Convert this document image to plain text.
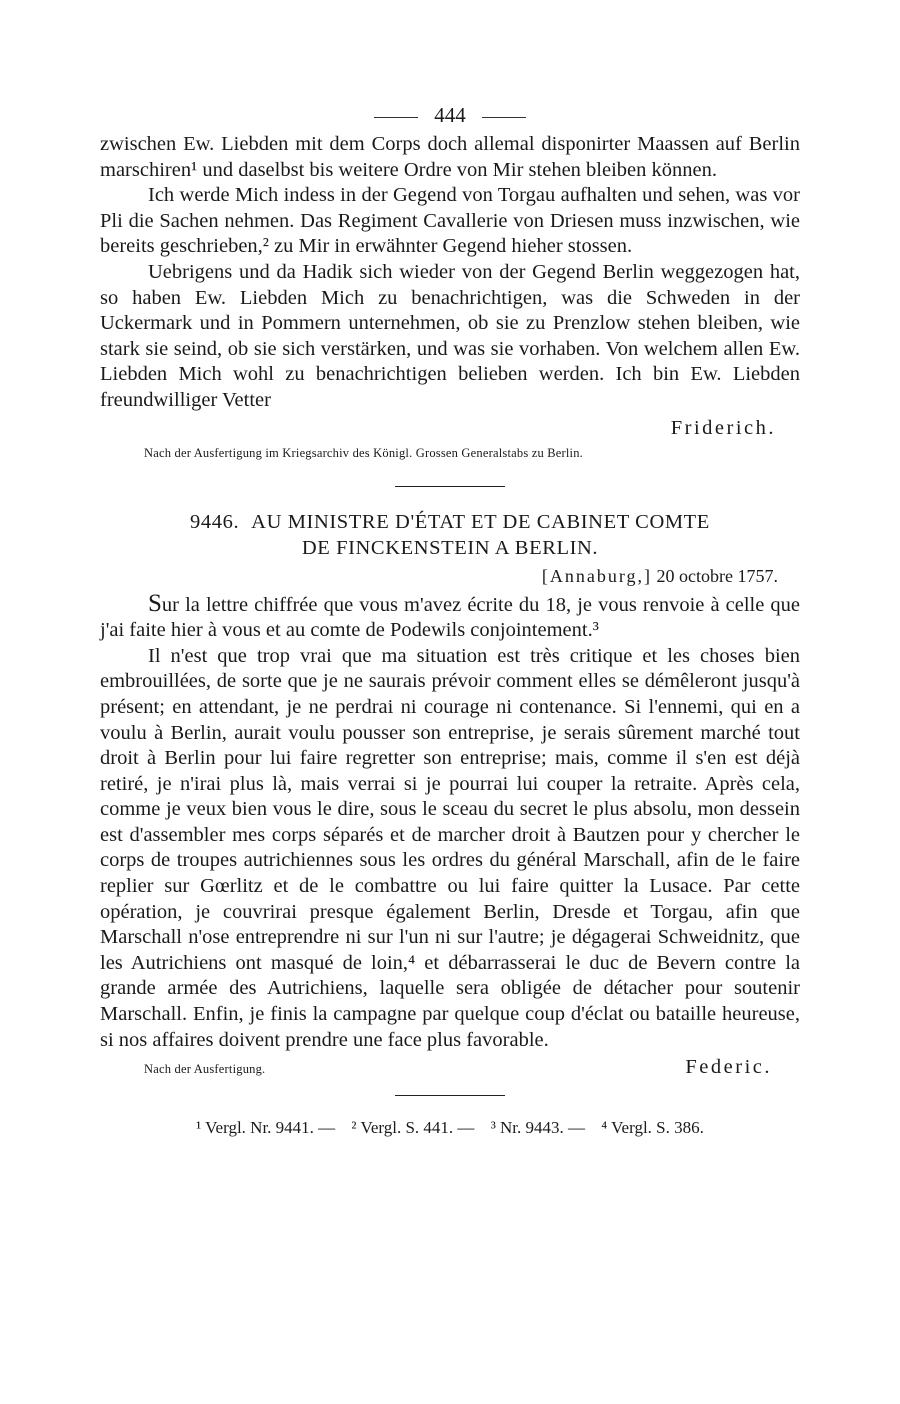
444

zwischen Ew. Liebden mit dem Corps doch allemal disponirter Maassen auf Berlin marschiren¹ und daselbst bis weitere Ordre von Mir stehen bleiben können.

Ich werde Mich indess in der Gegend von Torgau aufhalten und sehen, was vor Pli die Sachen nehmen. Das Regiment Cavallerie von Driesen muss inzwischen, wie bereits geschrieben,² zu Mir in erwähnter Gegend hieher stossen.

Uebrigens und da Hadik sich wieder von der Gegend Berlin weggezogen hat, so haben Ew. Liebden Mich zu benachrichtigen, was die Schweden in der Uckermark und in Pommern unternehmen, ob sie zu Prenzlow stehen bleiben, wie stark sie seind, ob sie sich verstärken, und was sie vorhaben. Von welchem allen Ew. Liebden Mich wohl zu benachrichtigen belieben werden. Ich bin Ew. Liebden freundwilliger Vetter

Friderich.
Nach der Ausfertigung im Kriegsarchiv des Königl. Grossen Generalstabs zu Berlin.
9446. AU MINISTRE D'ÉTAT ET DE CABINET COMTE
DE FINCKENSTEIN A BERLIN.
[Annaburg,] 20 octobre 1757.

Sur la lettre chiffrée que vous m'avez écrite du 18, je vous renvoie à celle que j'ai faite hier à vous et au comte de Podewils conjointement.³

Il n'est que trop vrai que ma situation est très critique et les choses bien embrouillées, de sorte que je ne saurais prévoir comment elles se démêleront jusqu'à présent; en attendant, je ne perdrai ni courage ni contenance. Si l'ennemi, qui en a voulu à Berlin, aurait voulu pousser son entreprise, je serais sûrement marché tout droit à Berlin pour lui faire regretter son entreprise; mais, comme il s'en est déjà retiré, je n'irai plus là, mais verrai si je pourrai lui couper la retraite. Après cela, comme je veux bien vous le dire, sous le sceau du secret le plus absolu, mon dessein est d'assembler mes corps séparés et de marcher droit à Bautzen pour y chercher le corps de troupes autrichiennes sous les ordres du général Marschall, afin de le faire replier sur Gœrlitz et de le combattre ou lui faire quitter la Lusace. Par cette opération, je couvrirai presque également Berlin, Dresde et Torgau, afin que Marschall n'ose entreprendre ni sur l'un ni sur l'autre; je dégagerai Schweidnitz, que les Autrichiens ont masqué de loin,⁴ et débarrasserai le duc de Bevern contre la grande armée des Autrichiens, laquelle sera obligée de détacher pour soutenir Marschall. Enfin, je finis la campagne par quelque coup d'éclat ou bataille heureuse, si nos affaires doivent prendre une face plus favorable.

Nach der Ausfertigung.	Federic.
¹ Vergl. Nr. 9441. — ² Vergl. S. 441. — ³ Nr. 9443. — ⁴ Vergl. S. 386.
